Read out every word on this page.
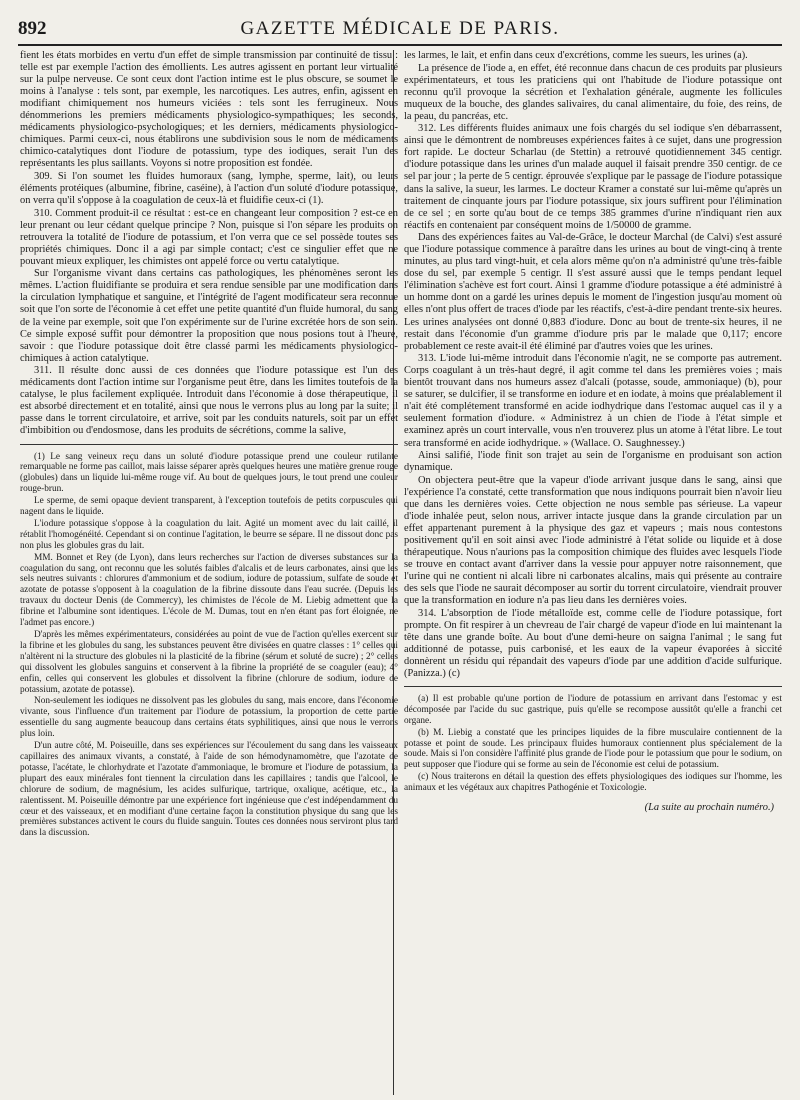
892	GAZETTE MÉDICALE DE PARIS.

fient les états morbides en vertu d'un effet de simple transmission par continuité de tissu : telle est par exemple l'action des émollients. Les autres agissent en portant leur virtualité sur la pulpe nerveuse. Ce sont ceux dont l'action intime est le plus obscure, se soumet le moins à l'analyse : tels sont, par exemple, les narcotiques. Les autres, enfin, agissent en modifiant chimiquement nos humeurs viciées : tels sont les ferrugineux. Nous dénommerions les premiers médicaments physiologico-sympathiques; les seconds, médicaments physiologico-psychologiques; et les derniers, médicaments physiologico-chimiques. Parmi ceux-ci, nous établirons une subdivision sous le nom de médicaments chimico-catalytiques dont l'iodure de potassium, type des iodiques, serait l'un des représentants les plus saillants. Voyons si notre proposition est fondée.

309. Si l'on soumet les fluides humoraux (sang, lymphe, sperme, lait), ou leurs éléments protéiques (albumine, fibrine, caséine), à l'action d'un soluté d'iodure potassique, on verra qu'il s'oppose à la coagulation de ceux-là et fluidifie ceux-ci (1).

310. Comment produit-il ce résultat : est-ce en changeant leur composition ? est-ce en leur prenant ou leur cédant quelque principe ? Non, puisque si l'on sépare les produits on retrouvera la totalité de l'iodure de potassium, et l'on verra que ce sel possède toutes ses propriétés chimiques. Donc il a agi par simple contact; c'est ce singulier effet que ne pouvant mieux expliquer, les chimistes ont appelé force ou vertu catalytique.

Sur l'organisme vivant dans certains cas pathologiques, les phénomènes seront les mêmes. L'action fluidifiante se produira et sera rendue sensible par une modification dans la circulation lymphatique et sanguine, et l'intégrité de l'agent modificateur sera reconnue soit que l'on sorte de l'économie à cet effet une petite quantité d'un fluide humoral, du sang de la veine par exemple, soit que l'on expérimente sur de l'urine excrétée hors de son sein. Ce simple exposé suffit pour démontrer la proposition que nous posions tout à l'heure, savoir : que l'iodure potassique doit être classé parmi les médicaments physiologico-chimiques à action catalytique.

311. Il résulte donc aussi de ces données que l'iodure potassique est l'un des médicaments dont l'action intime sur l'organisme peut être, dans les limites toutefois de la catalyse, le plus facilement expliquée. Introduit dans l'économie à dose thérapeutique, il est absorbé directement et en totalité, ainsi que nous le verrons plus au long par la suite; il passe dans le torrent circulatoire, et arrive, soit par les conduits naturels, soit par un effet d'imbibition ou d'endosmose, dans les produits de sécrétions, comme la salive,

(1) Le sang veineux reçu dans un soluté d'iodure potassique prend une couleur rutilante remarquable ne forme pas caillot, mais laisse séparer après quelques heures une matière grenue rouge (globules) dans un liquide lui-même rouge vif. Au bout de quelques jours, le tout prend une couleur rouge-brun.

Le sperme, de semi opaque devient transparent, à l'exception toutefois de petits corpuscules qui nagent dans le liquide.

L'iodure potassique s'oppose à la coagulation du lait. Agité un moment avec du lait caillé, il rétablit l'homogénéité. Cependant si on continue l'agitation, le beurre se sépare. Il ne dissout donc pas non plus les globules gras du lait.

MM. Bonnet et Rey (de Lyon), dans leurs recherches sur l'action de diverses substances sur la coagulation du sang, ont reconnu que les solutés faibles d'alcalis et de leurs carbonates, ainsi que les sels neutres suivants : chlorures d'ammonium et de sodium, iodure de potassium, sulfate de soude et azotate de potasse s'opposent à la coagulation de la fibrine dissoute dans l'eau sucrée. (Depuis les travaux du docteur Denis (de Commercy), les chimistes de l'école de M. Liebig admettent que la fibrine et l'albumine sont identiques. L'école de M. Dumas, tout en n'en étant pas fort éloignée, ne l'admet pas encore.)

D'après les mêmes expérimentateurs, considérées au point de vue de l'action qu'elles exercent sur la fibrine et les globules du sang, les substances peuvent être divisées en quatre classes : 1° celles qui n'altèrent ni la structure des globules ni la plasticité de la fibrine (sérum et soluté de sucre) ; 2° celles qui dissolvent les globules sanguins et conservent à la fibrine la propriété de se coaguler (eau); 4° enfin, celles qui conservent les globules et dissolvent la fibrine (chlorure de sodium, iodure de potassium, azotate de potasse).

Non-seulement les iodiques ne dissolvent pas les globules du sang, mais encore, dans l'économie vivante, sous l'influence d'un traitement par l'iodure de potassium, la proportion de cette partie essentielle du sang augmente beaucoup dans certains états syphilitiques, ainsi que nous le verrons plus loin.

D'un autre côté, M. Poiseuille, dans ses expériences sur l'écoulement du sang dans les vaisseaux capillaires des animaux vivants, a constaté, à l'aide de son hémodynamomètre, que l'azotate de potasse, l'acétate, le chlorhydrate et l'azotate d'ammoniaque, le bromure et l'iodure de potassium, la plupart des eaux minérales font tiennent la circulation dans les capillaires ; tandis que l'alcool, le chlorure de sodium, de magnésium, les acides sulfurique, tartrique, oxalique, acétique, etc., la ralentissent. M. Poiseuille démontre par une expérience fort ingénieuse que c'est indépendamment du cœur et des vaisseaux, et en modifiant d'une certaine façon la constitution physique du sang que les premières substances activent le cours du fluide sanguin. Toutes ces données nous serviront plus tard dans la discussion.

les larmes, le lait, et enfin dans ceux d'excrétions, comme les sueurs, les urines (a).

La présence de l'iode a, en effet, été reconnue dans chacun de ces produits par plusieurs expérimentateurs, et tous les praticiens qui ont l'habitude de l'iodure potassique ont reconnu qu'il provoque la sécrétion et l'exhalation générale, augmente les follicules muqueux de la bouche, des glandes salivaires, du canal alimentaire, du foie, des reins, de la peau, du pancréas, etc.

312. Les différents fluides animaux une fois chargés du sel iodique s'en débarrassent, ainsi que le démontrent de nombreuses expériences faites à ce sujet, dans une progression fort rapide. Le docteur Scharlau (de Stettin) a retrouvé quotidiennement 345 centigr. d'iodure potassique dans les urines d'un malade auquel il faisait prendre 350 centigr. de ce sel par jour ; la perte de 5 centigr. éprouvée s'explique par le passage de l'iodure potassique dans la salive, la sueur, les larmes. Le docteur Kramer a constaté sur lui-même qu'après un traitement de cinquante jours par l'iodure potassique, six jours suffirent pour l'élimination de ce sel ; en sorte qu'au bout de ce temps 385 grammes d'urine n'indiquant rien aux réactifs en contenaient par conséquent moins de 1/50000 de gramme.

Dans des expériences faites au Val-de-Grâce, le docteur Marchal (de Calvi) s'est assuré que l'iodure potassique commence à paraître dans les urines au bout de vingt-cinq à trente minutes, au plus tard vingt-huit, et cela alors même qu'on n'a administré qu'une très-faible dose du sel, par exemple 5 centigr. Il s'est assuré aussi que le temps pendant lequel l'élimination s'achève est fort court. Ainsi 1 gramme d'iodure potassique a été administré à un homme dont on a gardé les urines depuis le moment de l'ingestion jusqu'au moment où elles n'ont plus offert de traces d'iode par les réactifs, c'est-à-dire pendant trente-six heures. Les urines analysées ont donné 0,883 d'iodure. Donc au bout de trente-six heures, il ne restait dans l'économie d'un gramme d'iodure pris par le malade que 0,117; encore probablement ce reste avait-il été éliminé par d'autres voies que les urines.

313. L'iode lui-même introduit dans l'économie n'agit, ne se comporte pas autrement. Corps coagulant à un très-haut degré, il agit comme tel dans les premières voies ; mais bientôt trouvant dans nos humeurs assez d'alcali (potasse, soude, ammoniaque) (b), pour se saturer, se dulcifier, il se transforme en iodure et en iodate, à moins que préalablement il n'ait été complétement transformé en acide iodhydrique dans l'estomac auquel cas il y a seulement formation d'iodure. « Administrez à un chien de l'iode à l'état simple et examinez après un court intervalle, vous n'en trouverez plus un atome à l'état libre. Le tout sera transformé en acide iodhydrique. » (Wallace. O. Saughnessey.)

Ainsi salifié, l'iode finit son trajet au sein de l'organisme en produisant son action dynamique.

On objectera peut-être que la vapeur d'iode arrivant jusque dans le sang, ainsi que l'expérience l'a constaté, cette transformation que nous indiquons pourrait bien n'avoir lieu que dans les dernières voies. Cette objection ne nous semble pas sérieuse. La vapeur d'iode inhalée peut, selon nous, arriver intacte jusque dans la grande circulation par un effet appartenant purement à la physique des gaz et vapeurs ; mais nous contestons positivement qu'il en soit ainsi avec l'iode administré à l'état solide ou liquide et à dose thérapeutique. Nous n'aurions pas la composition chimique des fluides avec lesquels l'iode se trouve en contact avant d'arriver dans la vessie pour appuyer notre raisonnement, que l'urine qui ne contient ni alcali libre ni carbonates alcalins, mais qui présente au contraire des sels que l'iode ne saurait décomposer au sortir du torrent circulatoire, viendrait prouver que la transformation en iodure n'a pas lieu dans les dernières voies.

314. L'absorption de l'iode métalloïde est, comme celle de l'iodure potassique, fort prompte. On fit respirer à un chevreau de l'air chargé de vapeur d'iode en lui maintenant la tête dans une grande boîte. Au bout d'une demi-heure on saigna l'animal ; le sang fut additionné de potasse, puis carbonisé, et les eaux de la vapeur évaporées à siccité donnèrent un résidu qui répandait des vapeurs d'iode par une addition d'acide sulfurique. (Panizza.) (c)

(a) Il est probable qu'une portion de l'iodure de potassium en arrivant dans l'estomac y est décomposée par l'acide du suc gastrique, puis qu'elle se recompose aussitôt qu'elle a franchi cet organe.

(b) M. Liebig a constaté que les principes liquides de la fibre musculaire contiennent de la potasse et point de soude. Les principaux fluides humoraux contiennent plus spécialement de la soude. Mais si l'on considère l'affinité plus grande de l'iode pour le potassium que pour le sodium, on peut supposer que l'iodure qui se forme au sein de l'économie est celui de potassium.

(c) Nous traiterons en détail la question des effets physiologiques des iodiques sur l'homme, les animaux et les végétaux aux chapitres Pathogénie et Toxicologie.

(La suite au prochain numéro.)
